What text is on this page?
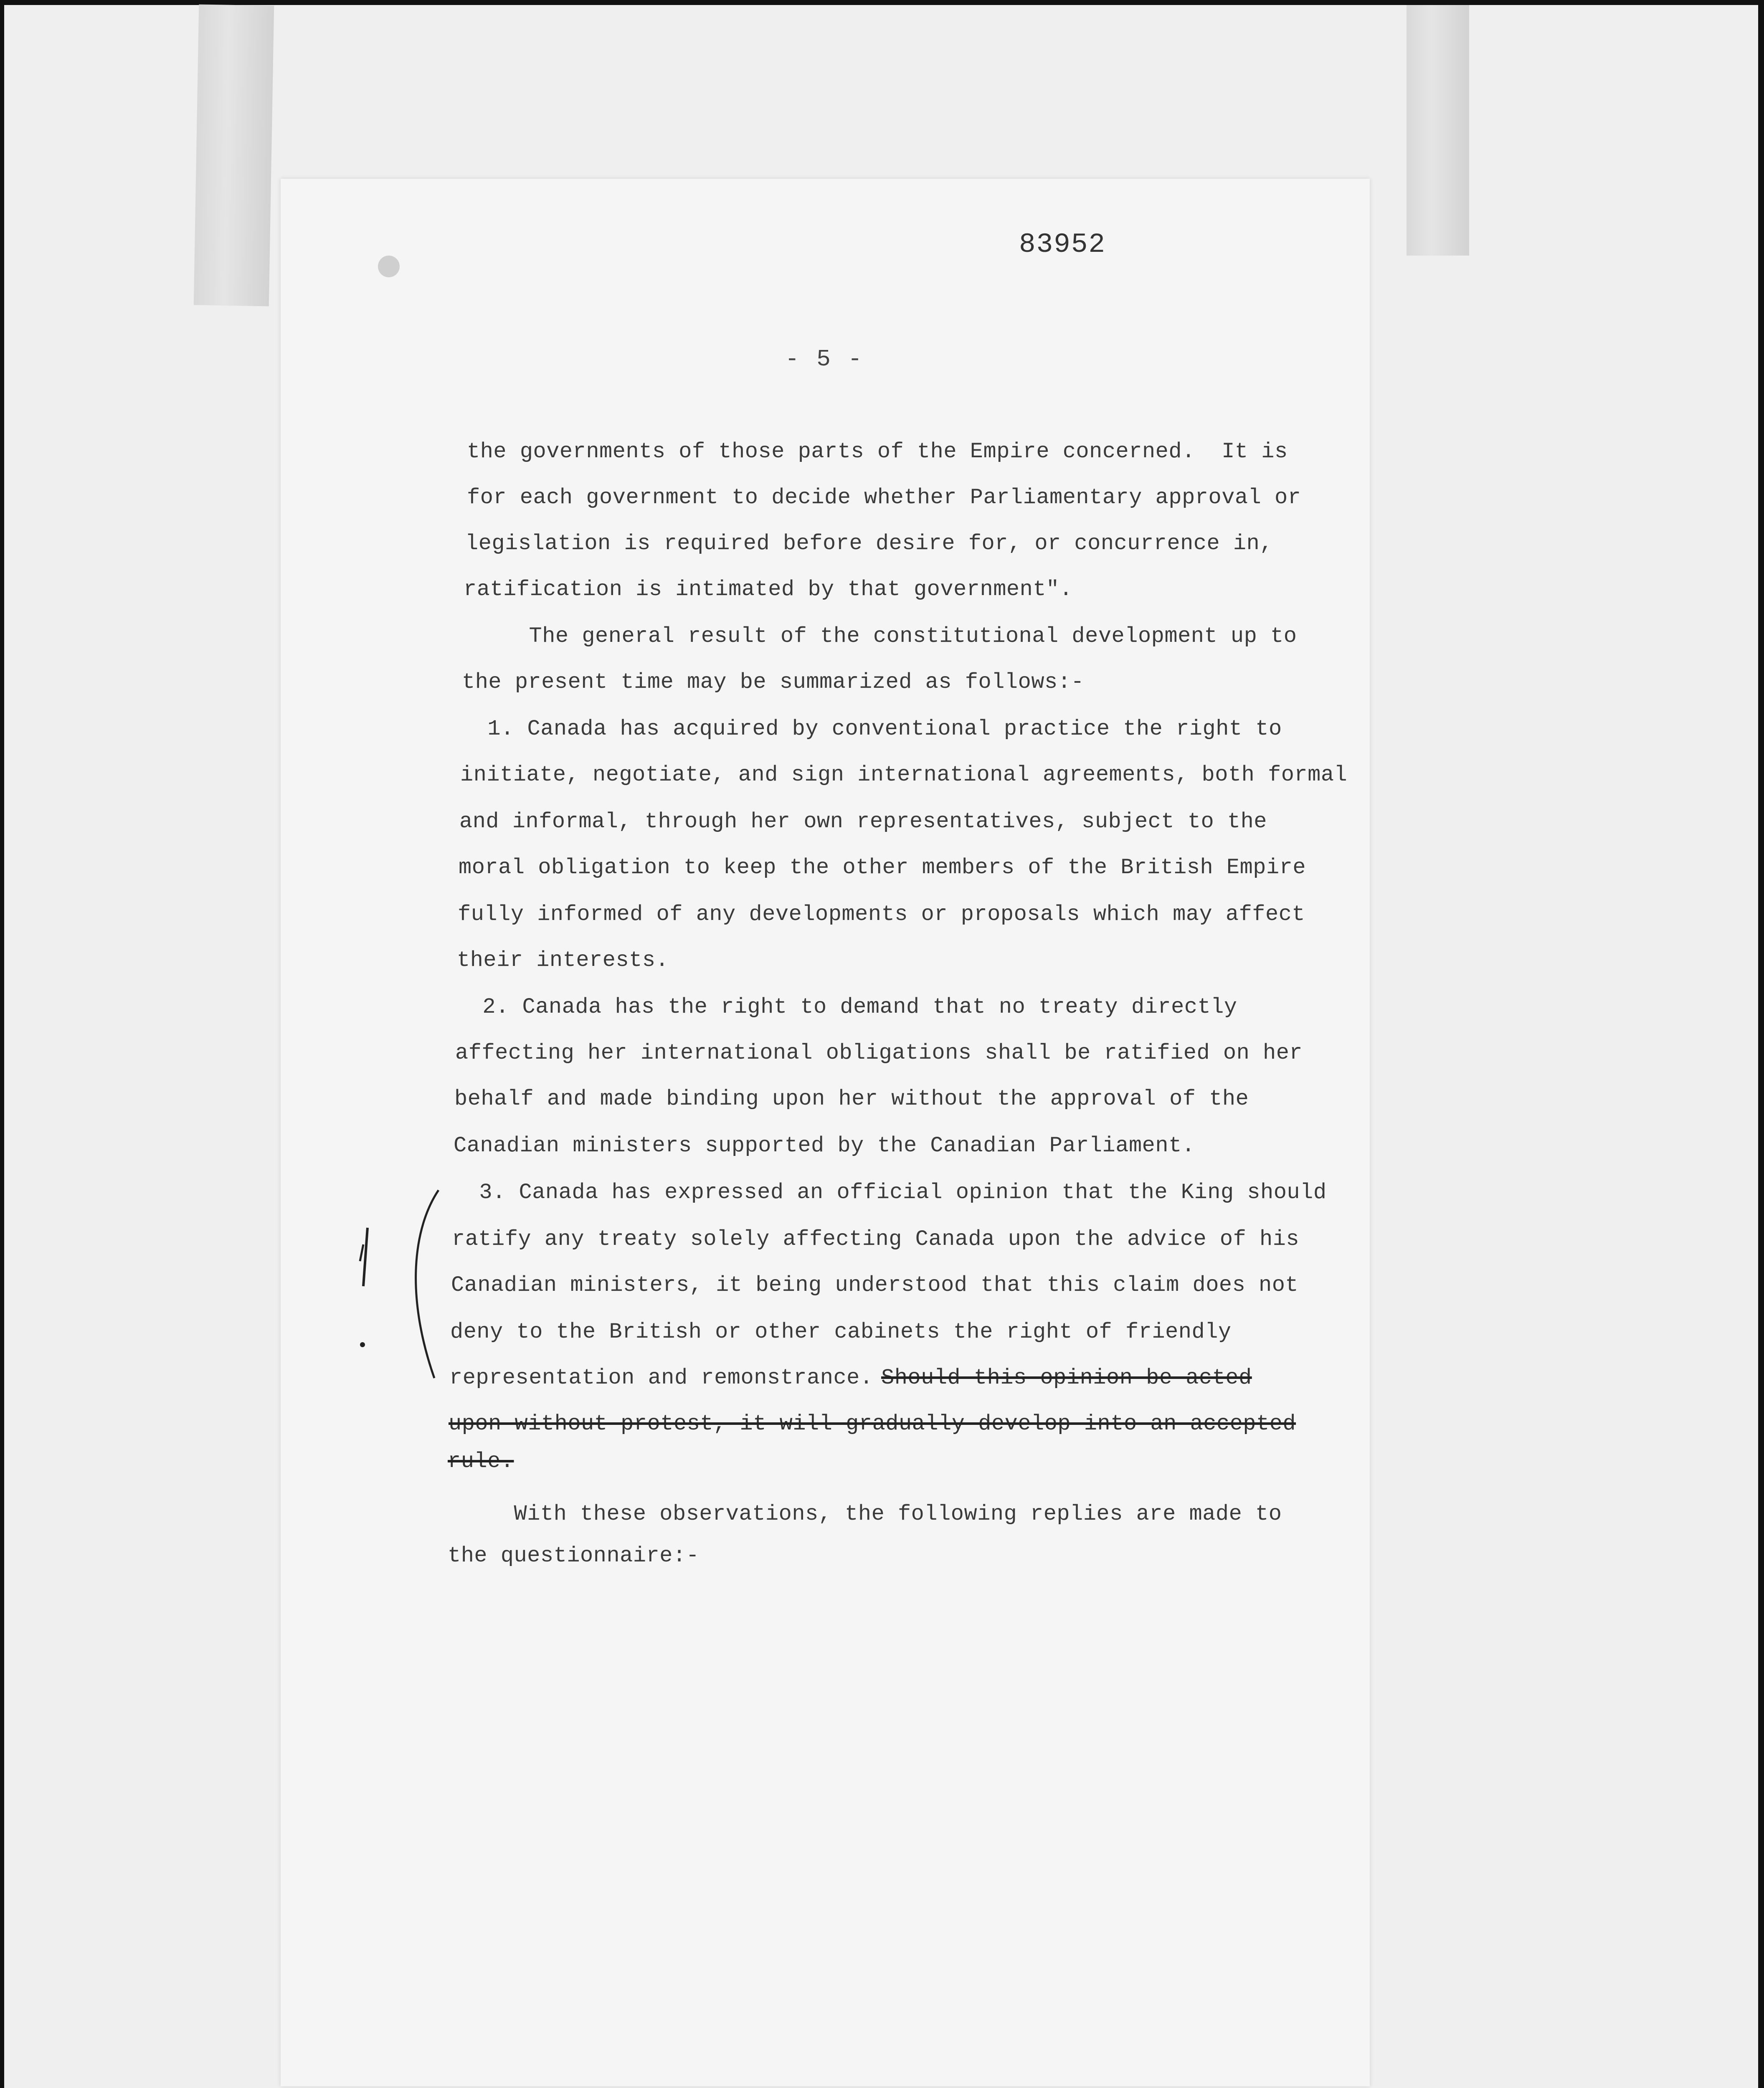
83952
- 5 -
the governments of those parts of the Empire concerned.  It is
for each government to decide whether Parliamentary approval or
legislation is required before desire for, or concurrence in,
ratification is intimated by that government".
The general result of the constitutional development up to
the present time may be summarized as follows:-
1. Canada has acquired by conventional practice the right to
initiate, negotiate, and sign international agreements, both formal
and informal, through her own representatives, subject to the
moral obligation to keep the other members of the British Empire
fully informed of any developments or proposals which may affect
their interests.
2. Canada has the right to demand that no treaty directly
affecting her international obligations shall be ratified on her
behalf and made binding upon her without the approval of the
Canadian ministers supported by the Canadian Parliament.
3. Canada has expressed an official opinion that the King should
ratify any treaty solely affecting Canada upon the advice of his
Canadian ministers, it being understood that this claim does not
deny to the British or other cabinets the right of friendly
representation and remonstrance. Should this opinion be acted
upon without protest, it will gradually develop into an accepted
rule.
With these observations, the following replies are made to
the questionnaire:-
